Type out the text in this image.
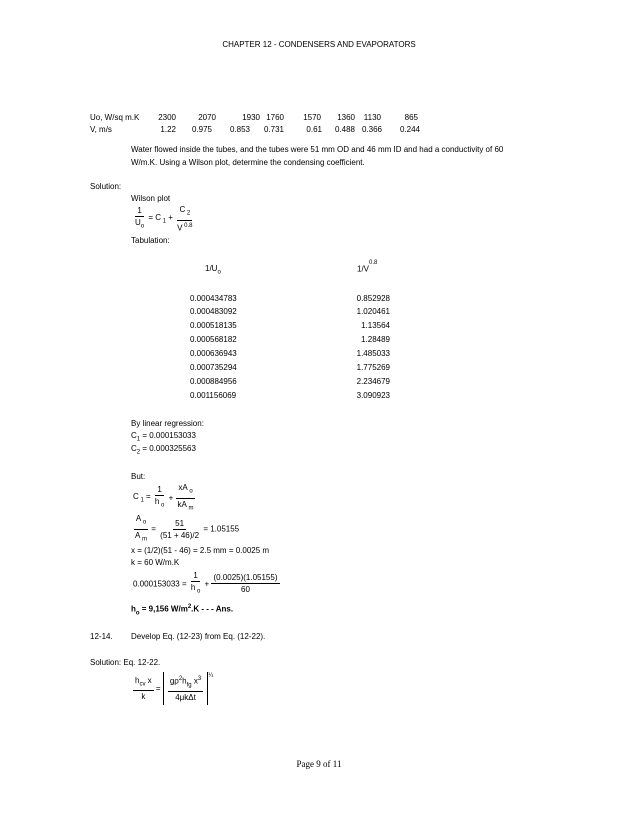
CHAPTER 12 - CONDENSERS AND EVAPORATORS
Uo, W/sq m.K	2300	2070	1930 1760	1570	1360	1130	865
V, m/s	1.22	0.975	0.853	0.731	0.61	0.488 0.366	0.244
Water flowed inside the tubes, and the tubes were 51 mm OD and 46 mm ID and had a conductivity of 60
W/m.K. Using a Wilson plot, determine the condensing coefficient.
Solution:
Wilson plot
$\frac{1}{U_o} = C$ $_1 + \frac{C _2}{V ^{0.8}}$
Tabulation:
$1/U_o$	$1/V^{0.8}$
0.000434783	0.852928
0.000483092	1.020461
0.000518135	1.13564
0.000568182	1.28489
0.000636943	1.485033
0.000735294	1.775269
0.000884956	2.234679
0.001156069	3.090923
By linear regression:
$C_1 = 0.000153033$
$C_2 = 0.000325563$
But:
C $_1 = \frac{1}{h _o} + \frac{xA _o}{kA _m}$
$\frac{A _o}{A _m} = \frac{51}{(51 + 46)/2} = 1.05155$
x = (1/2)(51 - 46) = 2.5 mm = 0.0025 m
k = 60 W/m.K
$0.000153033 = \frac{1}{h _o} + \frac{(0.0025)(1.05155)}{60}$
$h_o = 9,156$ $W/m^2.K$ - - - Ans.
12-14. Develop Eq. (12-23) from Eq. (12-22).
Solution: Eq. 12-22.
$\frac{h_{cv} x}{k} = \frac{g\rho^2h_{fg} x^3}{\text{4μkΔt}} ^{\frac{1}{4}}$
Page 9 of 11
